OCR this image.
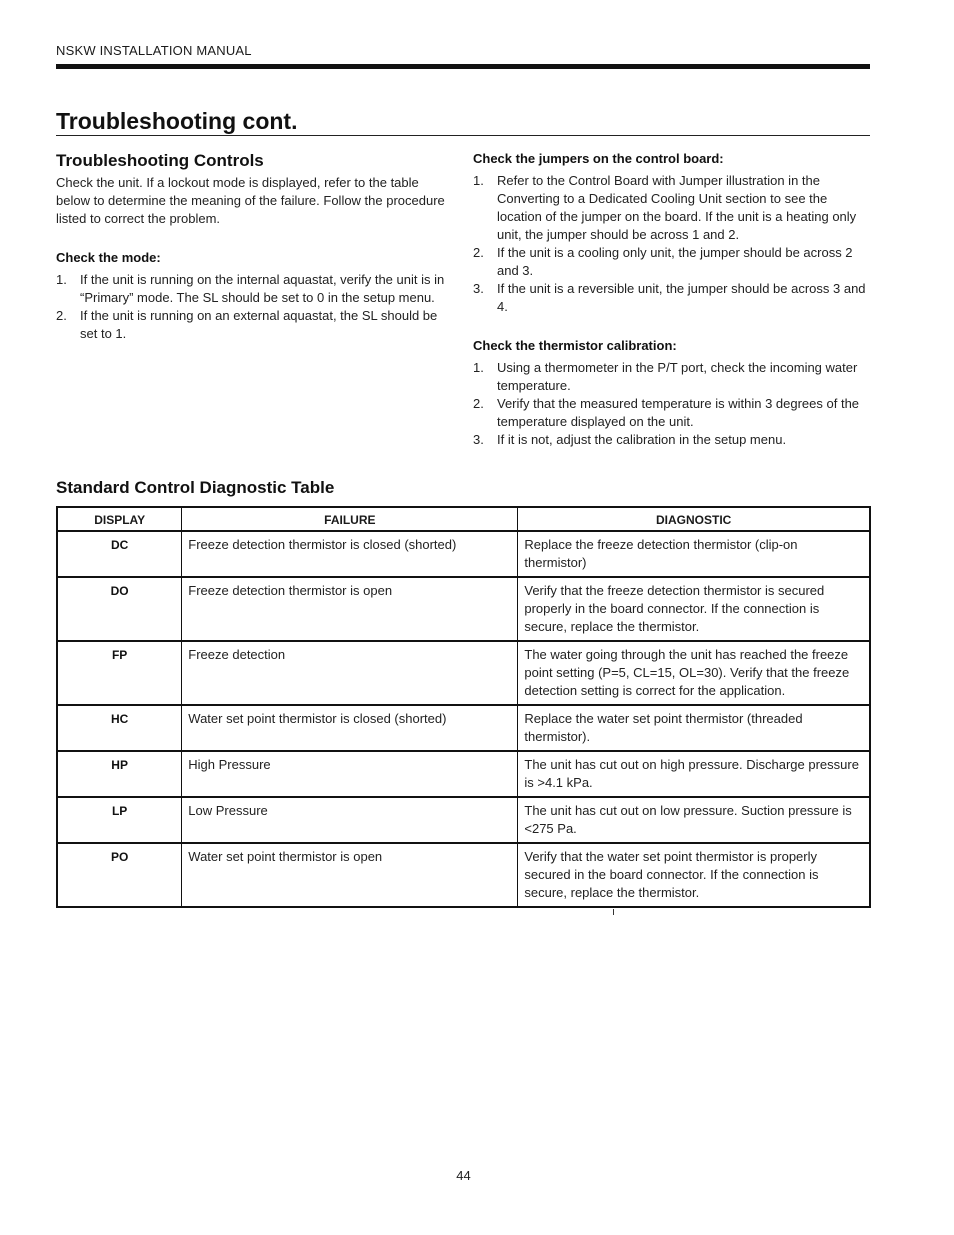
NSKW INSTALLATION MANUAL
Troubleshooting cont.
Troubleshooting Controls

Check the unit. If a lockout mode is displayed, refer to the table below to determine the meaning of the failure. Follow the procedure listed to correct the problem.

Check the mode:
1. If the unit is running on the internal aquastat, verify the unit is in “Primary” mode. The SL should be set to 0 in the setup menu.
2. If the unit is running on an external aquastat, the SL should be set to 1.
Check the jumpers on the control board:
1. Refer to the Control Board with Jumper illustration in the Converting to a Dedicated Cooling Unit section to see the location of the jumper on the board. If the unit is a heating only unit, the jumper should be across 1 and 2.
2. If the unit is a cooling only unit, the jumper should be across 2 and 3.
3. If the unit is a reversible unit, the jumper should be across 3 and 4.
Check the thermistor calibration:
1. Using a thermometer in the P/T port, check the incoming water temperature.
2. Verify that the measured temperature is within 3 degrees of the temperature displayed on the unit.
3. If it is not, adjust the calibration in the setup menu.
Standard Control Diagnostic Table
DISPLAY	FAILURE	DIAGNOSTIC
DC	Freeze detection thermistor is closed (shorted)	Replace the freeze detection thermistor (clip-on thermistor)
DO	Freeze detection thermistor is open	Verify that the freeze detection thermistor is secured properly in the board connector. If the connection is secure, replace the thermistor.
FP	Freeze detection	The water going through the unit has reached the freeze point setting (P=5, CL=15, OL=30). Verify that the freeze detection setting is correct for the application.
HC	Water set point thermistor is closed (shorted)	Replace the water set point thermistor (threaded thermistor).
HP	High Pressure	The unit has cut out on high pressure. Discharge pressure is >4.1 kPa.
LP	Low Pressure	The unit has cut out on low pressure. Suction pressure is <275 Pa.
PO	Water set point thermistor is open	Verify that the water set point thermistor is properly secured in the board connector. If the connection is secure, replace the thermistor.
44
